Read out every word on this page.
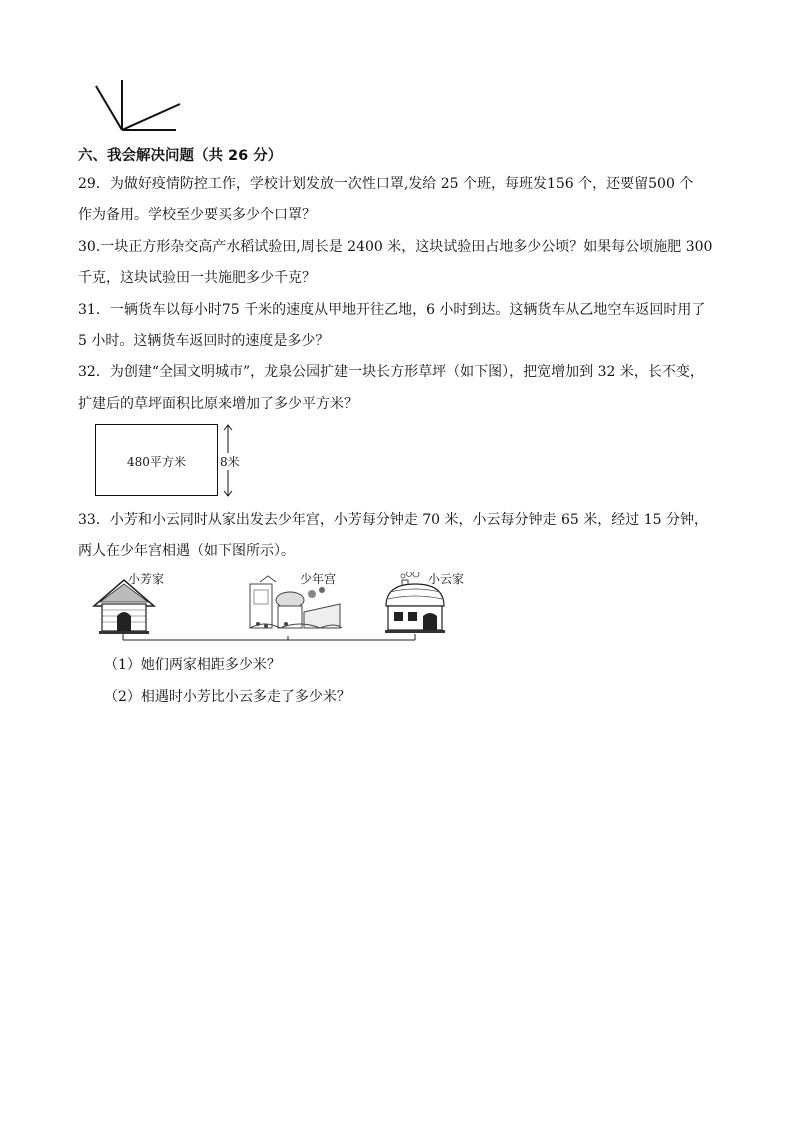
六、我会解决问题（共 26 分）
29．为做好疫情防控工作，学校计划发放一次性口罩,发给 25 个班，每班发156 个，还要留500 个
作为备用。学校至少要买多少个口罩？
30.一块正方形杂交高产水稻试验田,周长是 2400 米，这块试验田占地多少公顷？如果每公顷施肥 300
千克，这块试验田一共施肥多少千克？
31．一辆货车以每小时75 千米的速度从甲地开往乙地，6 小时到达。这辆货车从乙地空车返回时用了
5 小时。这辆货车返回时的速度是多少？
32．为创建“全国文明城市”，龙泉公园扩建一块长方形草坪（如下图），把宽增加到 32 米，长不变，
扩建后的草坪面积比原来增加了多少平方米？
480平方米	8米
33．小芳和小云同时从家出发去少年宫，小芳每分钟走 70 米，小云每分钟走 65 米，经过 15 分钟，
两人在少年宫相遇（如下图所示）。
小芳家	少年宫	小云家
（1）她们两家相距多少米？
（2）相遇时小芳比小云多走了多少米？
